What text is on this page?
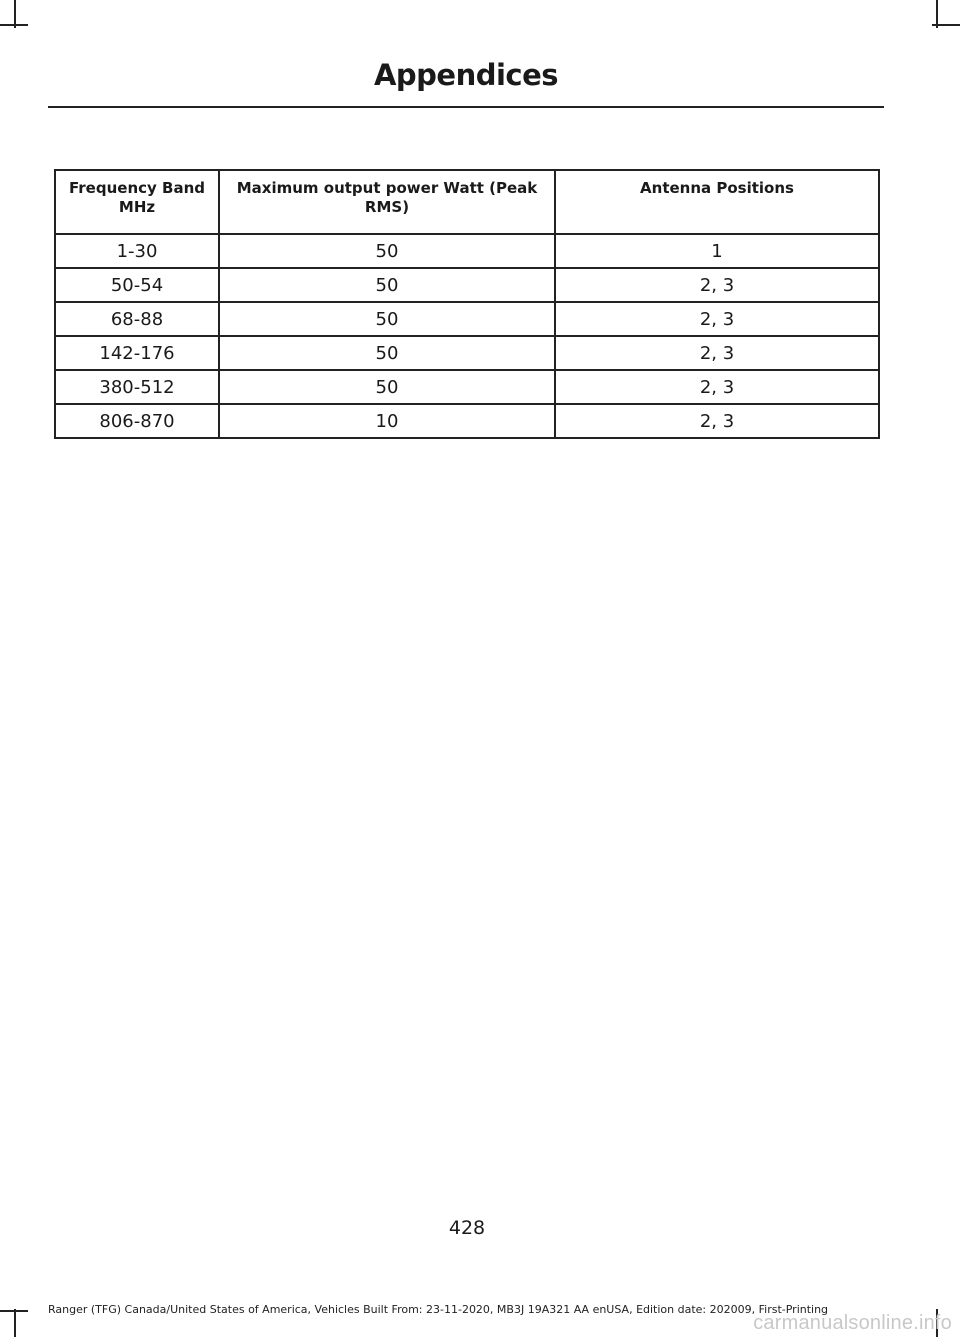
Appendices
Frequency Band MHz	Maximum output power Watt (Peak RMS)	Antenna Positions
1-30	50	1
50-54	50	2, 3
68-88	50	2, 3
142-176	50	2, 3
380-512	50	2, 3
806-870	10	2, 3
428
Ranger (TFG) Canada/United States of America, Vehicles Built From: 23-11-2020, MB3J 19A321 AA enUSA, Edition date: 202009, First-Printing
carmanualsonline.info
